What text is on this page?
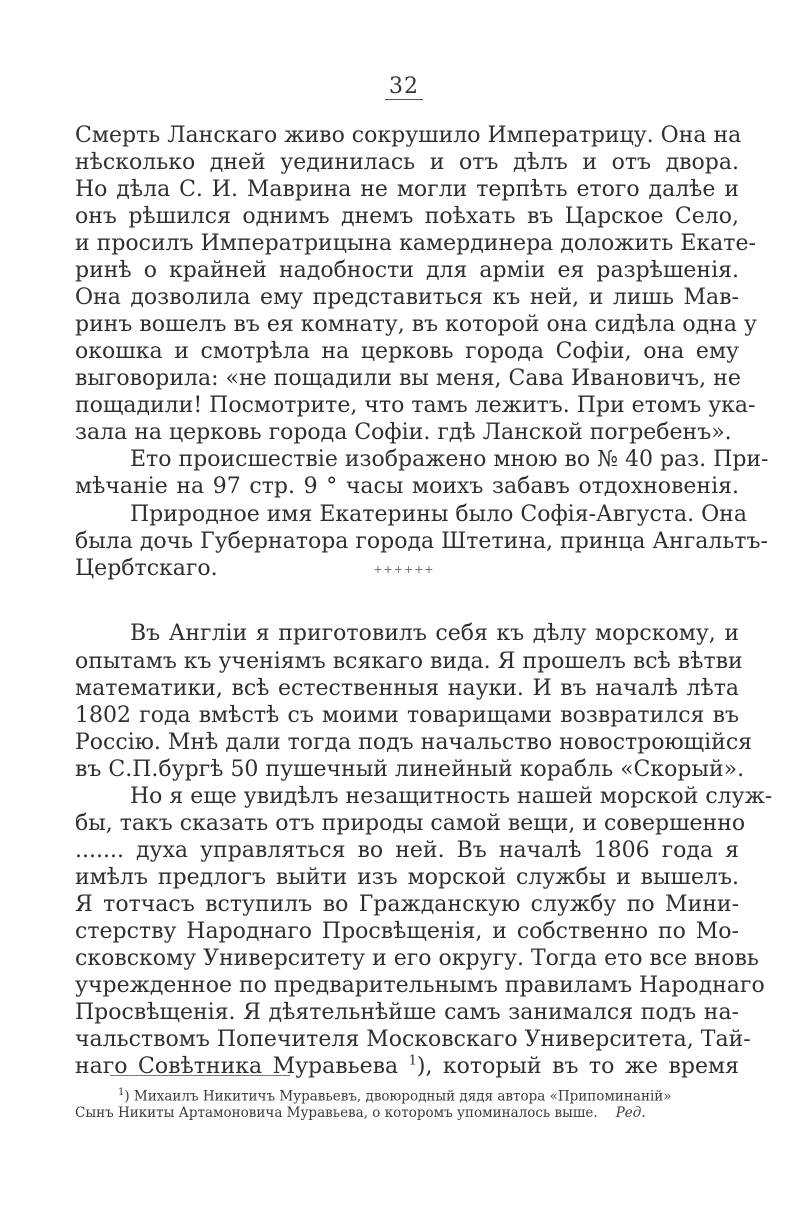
32
Смерть Ланскаго живо сокрушило Императрицу. Она на
нѣсколько дней уединилась и отъ дѣлъ и отъ двора.
Но дѣла С. И. Маврина не могли терпѣть етого далѣе и
онъ рѣшился однимъ днемъ поѣхать въ Царское Село,
и просилъ Императрицына камердинера доложить Екате-
ринѣ о крайней надобности для арміи ея разрѣшенія.
Она дозволила ему представиться къ ней, и лишь Мав-
ринъ вошелъ въ ея комнату, въ которой она сидѣла одна у
окошка и смотрѣла на церковь города Софіи, она ему
выговорила: «не пощадили вы меня, Сава Ивановичъ, не
пощадили! Посмотрите, что тамъ лежитъ. При етомъ ука-
зала на церковь города Софіи. гдѣ Ланской погребенъ».
Ето происшествіе изображено мною во № 40 раз. При-
мѣчаніе на 97 стр. 9 ° часы моихъ забавъ отдохновенія.
Природное имя Екатерины было Софія-Августа. Она
была дочь Губернатора города Штетина, принца Ангальтъ-
Цербтскаго.	++++++
Въ Англіи я приготовилъ себя къ дѣлу морскому, и
опытамъ къ ученіямъ всякаго вида. Я прошелъ всѣ вѣтви
математики, всѣ естественныя науки. И въ началѣ лѣта
1802 года вмѣстѣ съ моими товарищами возвратился въ
Россію. Мнѣ дали тогда подъ начальство новостроющійся
въ С.П.бургѣ 50 пушечный линейный корабль «Скорый».
Но я еще увидѣлъ незащитность нашей морской служ-
бы, такъ сказать отъ природы самой вещи, и совершенно
....... духа управляться во ней. Въ началѣ 1806 года я
имѣлъ предлогъ выйти изъ морской службы и вышелъ.
Я тотчасъ вступилъ во Гражданскую службу по Мини-
стерству Народнаго Просвѣщенія, и собственно по Мо-
сковскому Университету и его округу. Тогда ето все вновь
учрежденное по предварительнымъ правиламъ Народнаго
Просвѣщенія. Я дѣятельнѣйше самъ занимался подъ на-
чальствомъ Попечителя Московскаго Университета, Тай-
наго Совѣтника Муравьева $^1$), который въ то же время
$^1$) Михаилъ Никитичъ Муравьевъ, двоюродный дядя автора «Припоминаній»
Сынъ Никиты Артамоновича Муравьева, о которомъ упоминалось выше. Ред.
